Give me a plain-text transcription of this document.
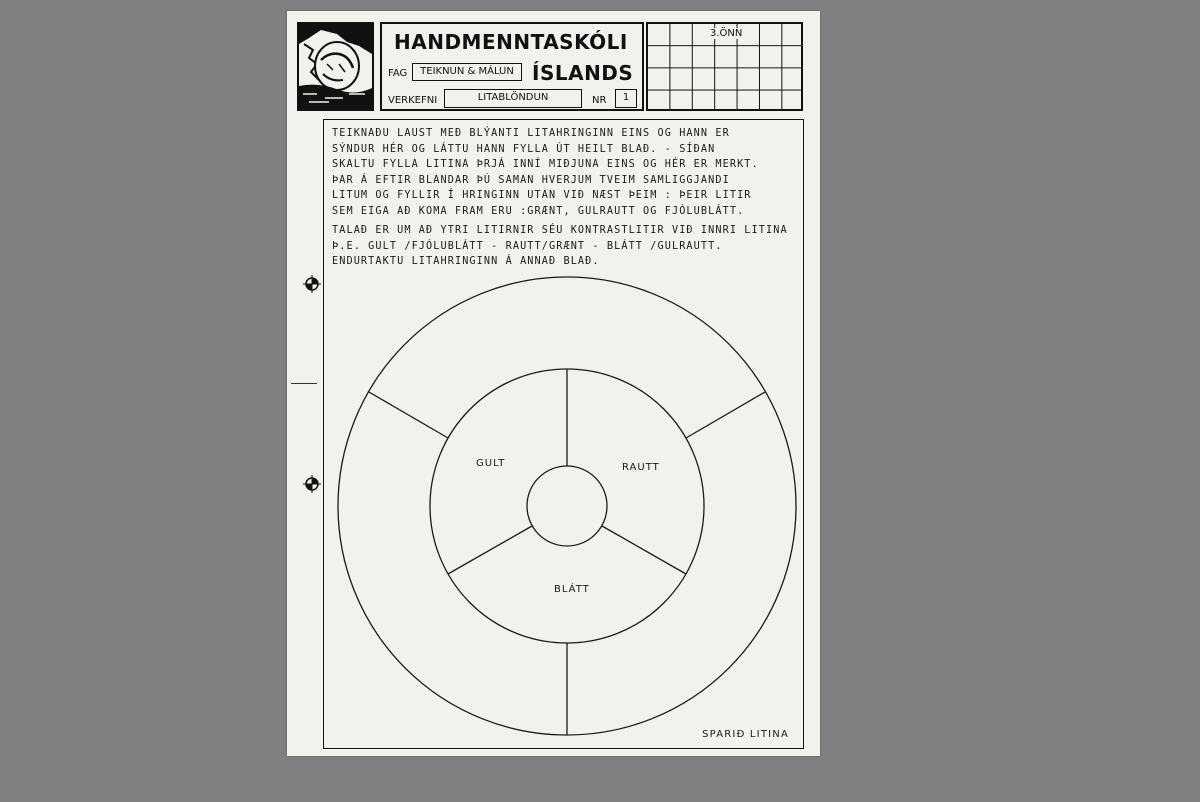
HANDMENNTASKÓLI
ÍSLANDS
FAG	TEIKNUN & MÁLUN
VERKEFNI	LITABLÖNDUN	NR	1
3.ÖNN

TEIKNAÐU LAUST MEÐ BLÝANTI LITAHRINGINN EINS OG HANN ER
SÝNDUR HÉR OG LÁTTU HANN FYLLA ÚT HEILT BLAÐ. - SÍÐAN
SKALTU FYLLA LITINA ÞRJÁ INNÍ MIÐJUNA EINS OG HÉR ER MERKT.
ÞAR Á EFTIR BLANDAR ÞÚ SAMAN HVERJUM TVEIM SAMLIGGJANDI
LITUM OG FYLLIR Í HRINGINN UTAN VIÐ NÆST ÞEIM : ÞEIR LITIR
SEM EIGA AÐ KOMA FRAM ERU :GRÆNT, GULRAUTT OG FJÓLUBLÁTT.

TALAÐ ER UM AÐ YTRI LITIRNIR SÉU KONTRASTLITIR VIÐ INNRI LITINA
Þ.E. GULT /FJÓLUBLÁTT - RAUTT/GRÆNT - BLÁTT /GULRAUTT.
ENDURTAKTU LITAHRINGINN Á ANNAÐ BLAÐ.

GULT	RAUTT
BLÁTT
SPARIÐ LITINA
